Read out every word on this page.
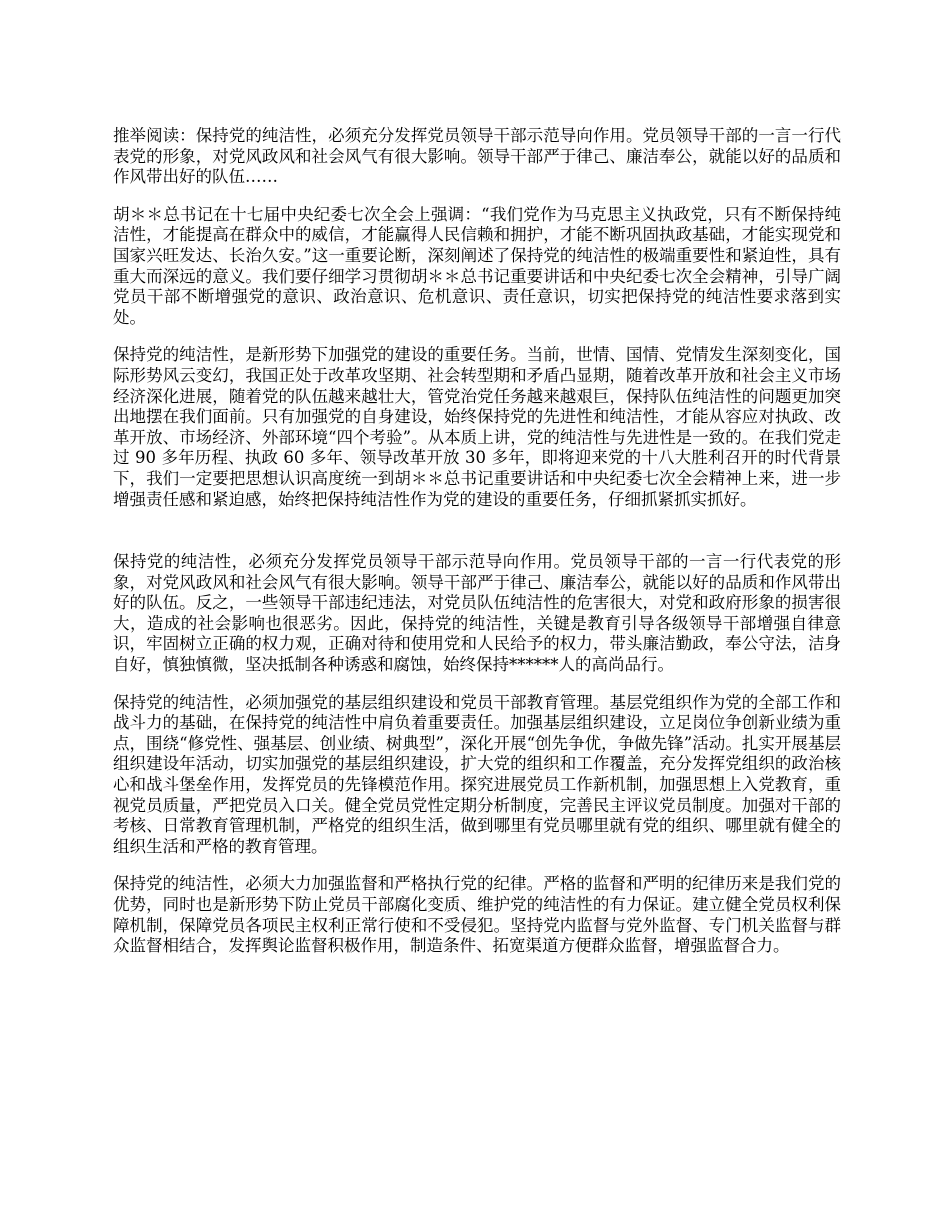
推举阅读：保持党的纯洁性，必须充分发挥党员领导干部示范导向作用。党员领导干部的一言一行代表党的形象，对党风政风和社会风气有很大影响。领导干部严于律己、廉洁奉公，就能以好的品质和作风带出好的队伍……

胡＊＊总书记在十七届中央纪委七次全会上强调：“我们党作为马克思主义执政党，只有不断保持纯洁性，才能提高在群众中的威信，才能赢得人民信赖和拥护，才能不断巩固执政基础，才能实现党和国家兴旺发达、长治久安。”这一重要论断，深刻阐述了保持党的纯洁性的极端重要性和紧迫性，具有重大而深远的意义。我们要仔细学习贯彻胡＊＊总书记重要讲话和中央纪委七次全会精神，引导广阔党员干部不断增强党的意识、政治意识、危机意识、责任意识，切实把保持党的纯洁性要求落到实处。

保持党的纯洁性，是新形势下加强党的建设的重要任务。当前，世情、国情、党情发生深刻变化，国际形势风云变幻，我国正处于改革攻坚期、社会转型期和矛盾凸显期，随着改革开放和社会主义市场经济深化进展，随着党的队伍越来越壮大，管党治党任务越来越艰巨，保持队伍纯洁性的问题更加突出地摆在我们面前。只有加强党的自身建设，始终保持党的先进性和纯洁性，才能从容应对执政、改革开放、市场经济、外部环境“四个考验”。从本质上讲，党的纯洁性与先进性是一致的。在我们党走过 90 多年历程、执政 60 多年、领导改革开放 30 多年，即将迎来党的十八大胜利召开的时代背景下，我们一定要把思想认识高度统一到胡＊＊总书记重要讲话和中央纪委七次全会精神上来，进一步增强责任感和紧迫感，始终把保持纯洁性作为党的建设的重要任务，仔细抓紧抓实抓好。

保持党的纯洁性，必须充分发挥党员领导干部示范导向作用。党员领导干部的一言一行代表党的形象，对党风政风和社会风气有很大影响。领导干部严于律己、廉洁奉公，就能以好的品质和作风带出好的队伍。反之，一些领导干部违纪违法，对党员队伍纯洁性的危害很大，对党和政府形象的损害很大，造成的社会影响也很恶劣。因此，保持党的纯洁性，关键是教育引导各级领导干部增强自律意识，牢固树立正确的权力观，正确对待和使用党和人民给予的权力，带头廉洁勤政，奉公守法，洁身自好，慎独慎微，坚决抵制各种诱惑和腐蚀，始终保持******人的高尚品行。

保持党的纯洁性，必须加强党的基层组织建设和党员干部教育管理。基层党组织作为党的全部工作和战斗力的基础，在保持党的纯洁性中肩负着重要责任。加强基层组织建设，立足岗位争创新业绩为重点，围绕“修党性、强基层、创业绩、树典型”，深化开展“创先争优，争做先锋”活动。扎实开展基层组织建设年活动，切实加强党的基层组织建设，扩大党的组织和工作覆盖，充分发挥党组织的政治核心和战斗堡垒作用，发挥党员的先锋模范作用。探究进展党员工作新机制，加强思想上入党教育，重视党员质量，严把党员入口关。健全党员党性定期分析制度，完善民主评议党员制度。加强对干部的考核、日常教育管理机制，严格党的组织生活，做到哪里有党员哪里就有党的组织、哪里就有健全的组织生活和严格的教育管理。

保持党的纯洁性，必须大力加强监督和严格执行党的纪律。严格的监督和严明的纪律历来是我们党的优势，同时也是新形势下防止党员干部腐化变质、维护党的纯洁性的有力保证。建立健全党员权利保障机制，保障党员各项民主权利正常行使和不受侵犯。坚持党内监督与党外监督、专门机关监督与群众监督相结合，发挥舆论监督积极作用，制造条件、拓宽渠道方便群众监督，增强监督合力。
